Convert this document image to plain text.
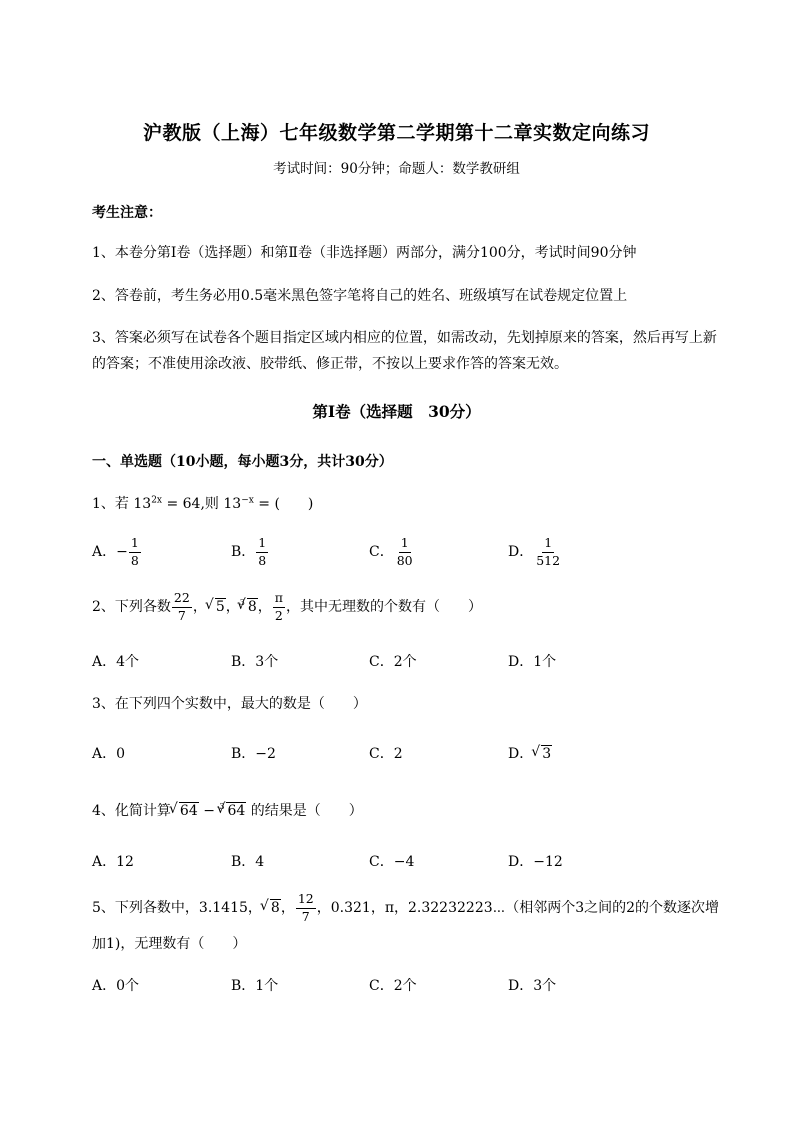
沪教版（上海）七年级数学第二学期第十二章实数定向练习
考试时间：90分钟；命题人：数学教研组
考生注意：
1、本卷分第Ⅰ卷（选择题）和第Ⅱ卷（非选择题）两部分，满分100分，考试时间90分钟
2、答卷前，考生务必用0.5毫米黑色签字笔将自己的姓名、班级填写在试卷规定位置上
3、答案必须写在试卷各个题目指定区域内相应的位置，如需改动，先划掉原来的答案，然后再写上新
的答案；不准使用涂改液、胶带纸、修正带，不按以上要求作答的答案无效。
第Ⅰ卷（选择题　30分）
一、单选题（10小题，每小题3分，共计30分）
1、若 $13^{2x} = 64$,则 $13^{-x}$ = (　　)
A．− $\frac{1}{8}$	B． $\frac{1}{8}$	C． $\frac{1}{80}$	D． $\frac{1}{512}$
2、下列各数 $\frac{22}{7}$ ， √ 5，$^3$ √ 8， $\frac{\pi}{2}$ ，其中无理数的个数有（　　）
A．4个	B．3个	C．2个	D．1个
3、在下列四个实数中，最大的数是（　　）
A．0	B．−2	C．2	D． √ 3
4、化简计算 √ 64 − $^3$ √ 64 的结果是（　　）
A．12	B．4	C．−4	D．−12
5、下列各数中，3.1415， √ 8， $\frac{12}{7}$ ，0.321，π，2.32232223⋯（相邻两个3之间的2的个数逐次增
加1)，无理数有（　　）
A．0个	B．1个	C．2个	D．3个
